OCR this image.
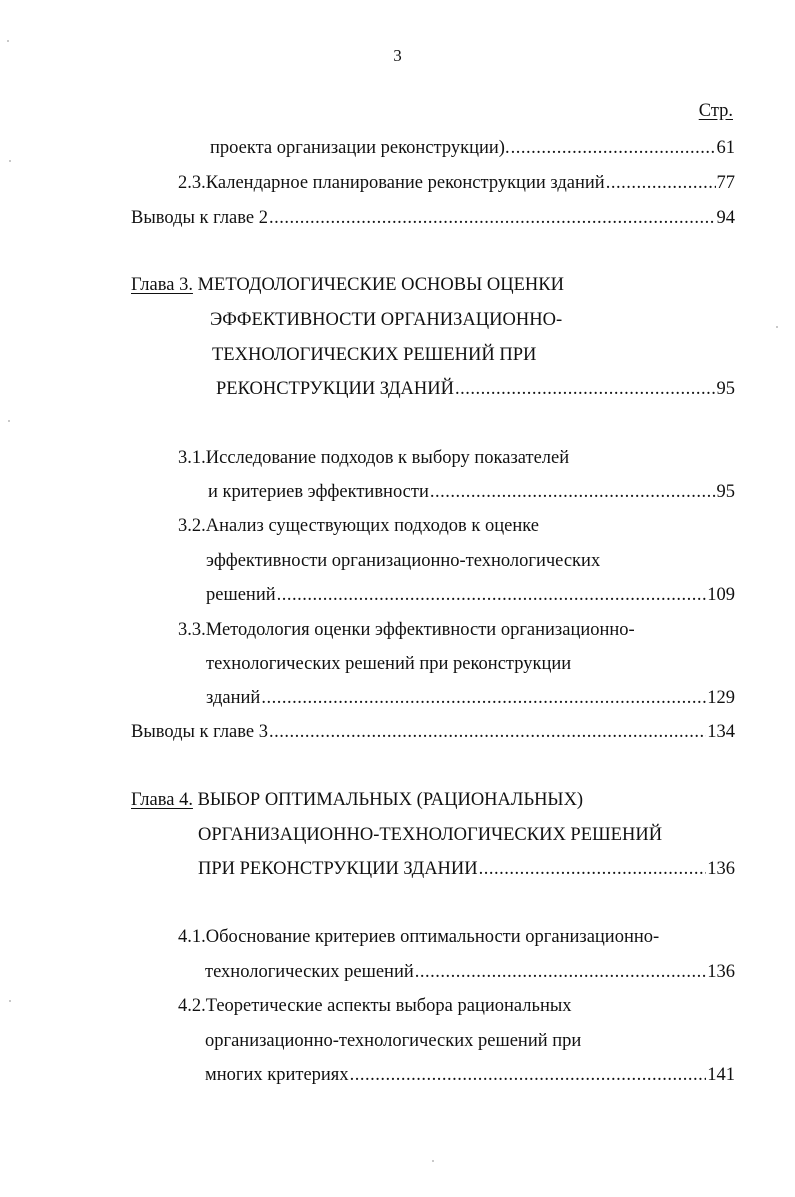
3
Стр.
проекта организации реконструкции). .....	61
2.3.Календарное планирование реконструкции зданий .....	77
Выводы к главе 2 .....	94
Глава 3. МЕТОДОЛОГИЧЕСКИЕ ОСНОВЫ ОЦЕНКИ
ЭФФЕКТИВНОСТИ ОРГАНИЗАЦИОННО-
ТЕХНОЛОГИЧЕСКИХ РЕШЕНИЙ ПРИ
РЕКОНСТРУКЦИИ ЗДАНИЙ .....	95
3.1.Исследование подходов к выбору показателей
и критериев эффективности .....	95
3.2.Анализ существующих подходов к оценке
эффективности организационно-технологических
решений .....	109
3.3.Методология оценки эффективности организационно-
технологических решений при реконструкции
зданий .....	129
Выводы к главе 3 .....	134
Глава 4. ВЫБОР ОПТИМАЛЬНЫХ (РАЦИОНАЛЬНЫХ)
ОРГАНИЗАЦИОННО-ТЕХНОЛОГИЧЕСКИХ РЕШЕНИЙ
ПРИ РЕКОНСТРУКЦИИ ЗДАНИИ .....	136
4.1.Обоснование критериев оптимальности организационно-
технологических решений .....	136
4.2.Теоретические аспекты выбора рациональных
организационно-технологических решений при
многих критериях .....	141
